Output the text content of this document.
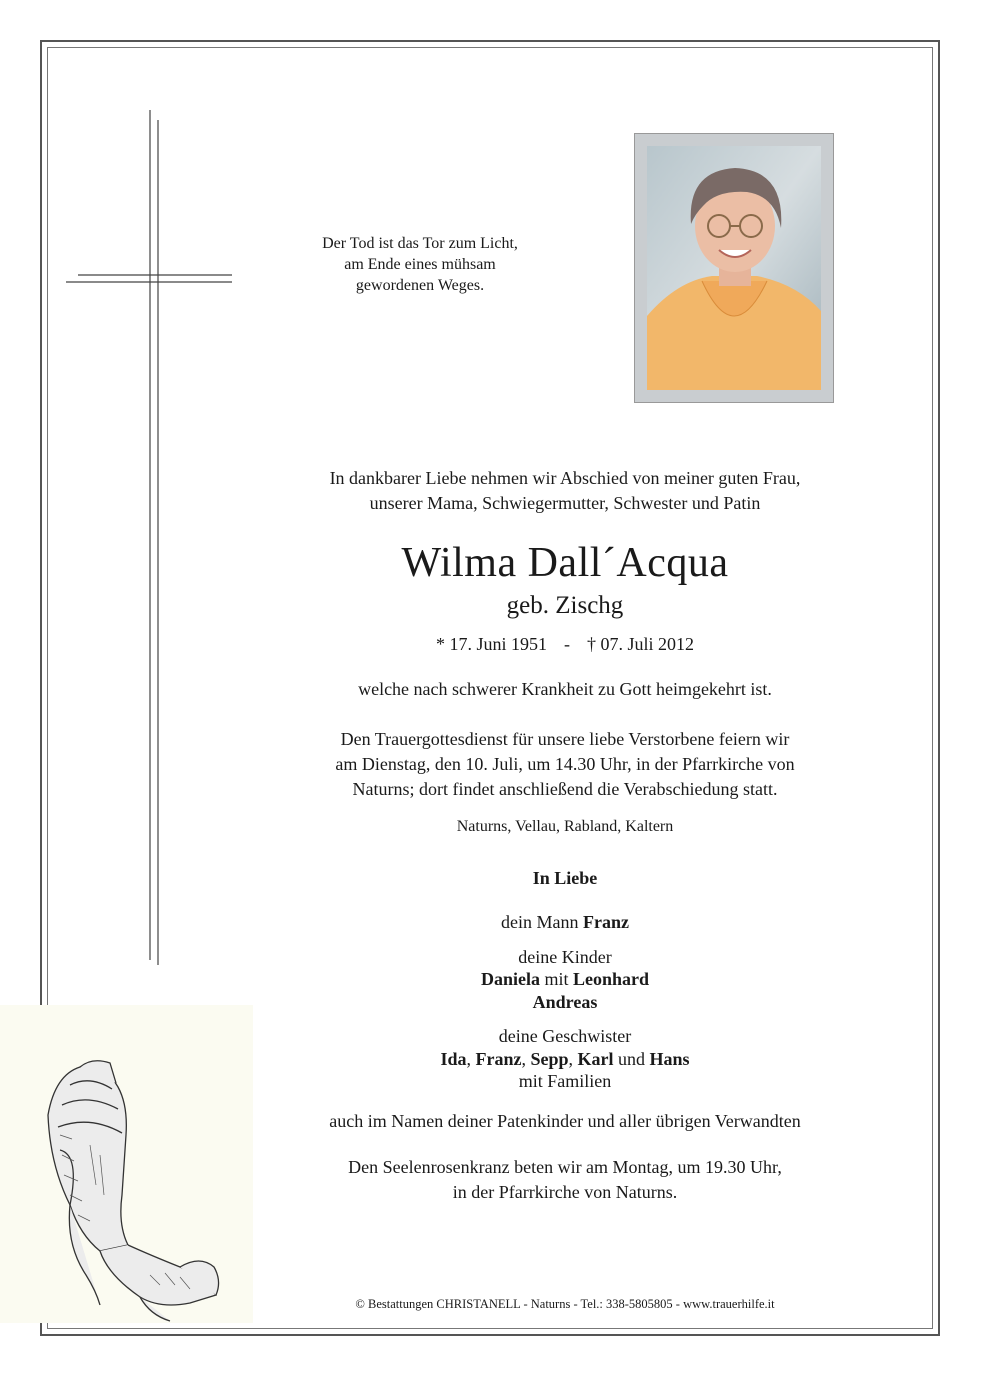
Der Tod ist das Tor zum Licht,
am Ende eines mühsam
gewordenen Weges.
In dankbarer Liebe nehmen wir Abschied von meiner guten Frau,
unserer Mama, Schwiegermutter, Schwester und Patin
Wilma Dall´Acqua
geb. Zischg
* 17. Juni 1951 - † 07. Juli 2012
welche nach schwerer Krankheit zu Gott heimgekehrt ist.
Den Trauergottesdienst für unsere liebe Verstorbene feiern wir
am Dienstag, den 10. Juli, um 14.30 Uhr, in der Pfarrkirche von
Naturns; dort findet anschließend die Verabschiedung statt.
Naturns, Vellau, Rabland, Kaltern
In Liebe
dein Mann Franz
deine Kinder
Daniela mit Leonhard
Andreas
deine Geschwister
Ida, Franz, Sepp, Karl und Hans
mit Familien
auch im Namen deiner Patenkinder und aller übrigen Verwandten
Den Seelenrosenkranz beten wir am Montag, um 19.30 Uhr,
in der Pfarrkirche von Naturns.
© Bestattungen CHRISTANELL - Naturns - Tel.: 338-5805805 - www.trauerhilfe.it
